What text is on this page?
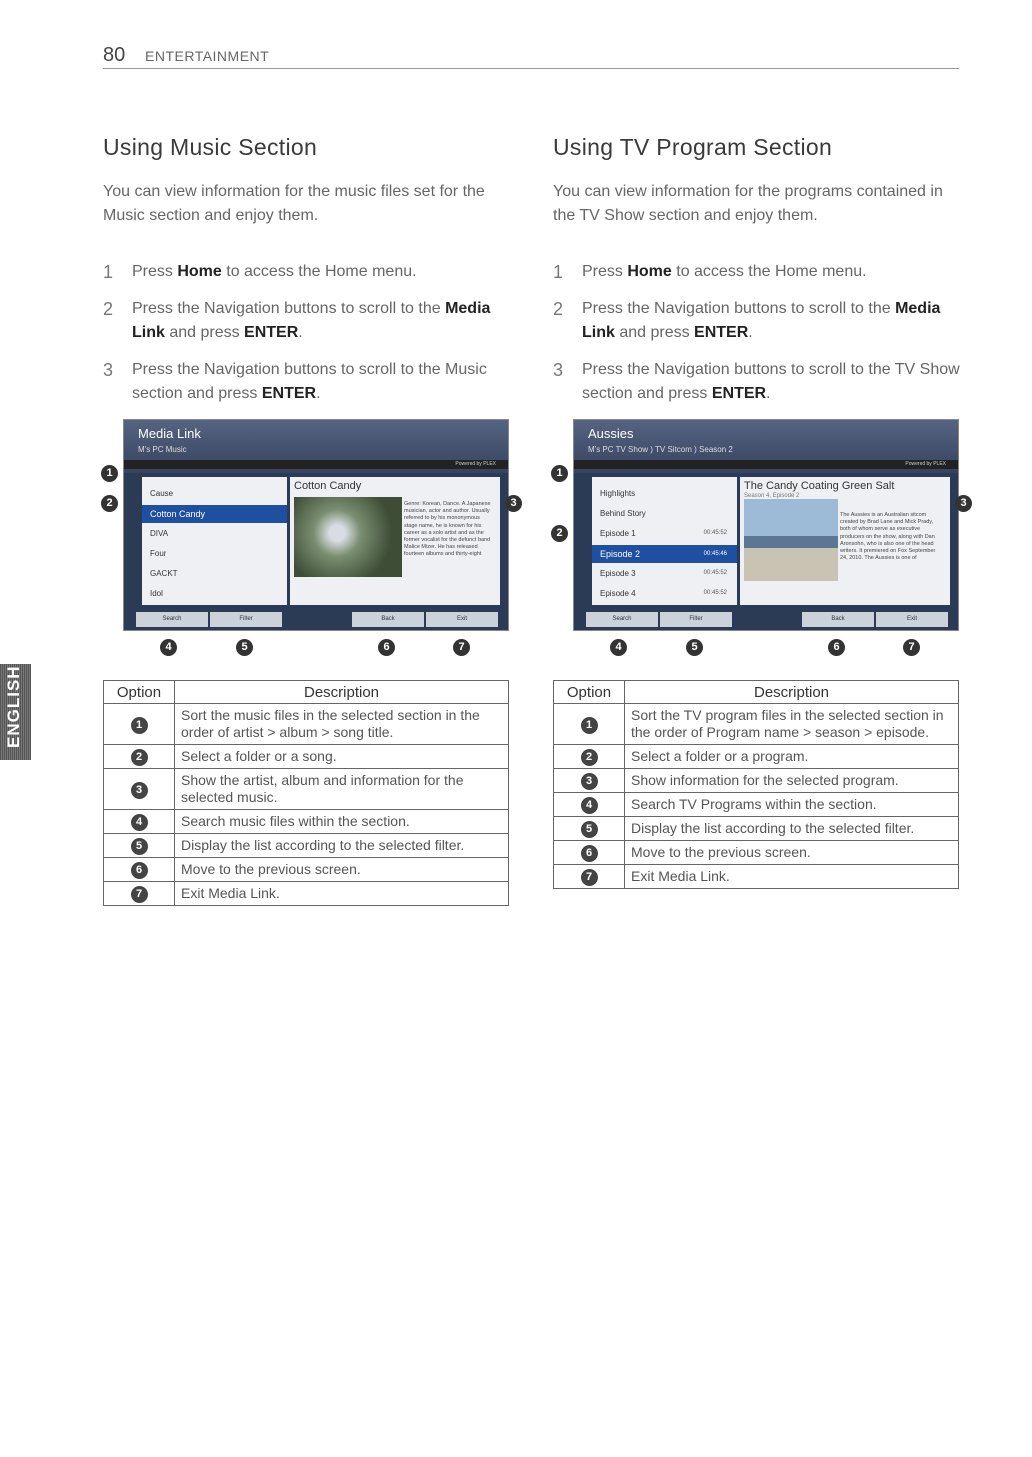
80 ENTERTAINMENT
ENGLISH
Using Music Section

You can view information for the music files set for the Music section and enjoy them.

1 Press Home to access the Home menu.
2 Press the Navigation buttons to scroll to the Media Link and press ENTER.
3 Press the Navigation buttons to scroll to the Music section and press ENTER.
Media Link
M's PC Music
Powered by PLEX
Cause
Cotton Candy
DIVA
Four
GACKT
Idol
Cotton Candy
Genre: Korean, Dance. A Japanese musician, actor and author. Usually referred to by his mononymous stage name, he is known for his career as a solo artist and as the former vocalist for the defunct band Malice Mizer. He has released fourteen albums and thirty-eight
Search	Filter	Back	Exit
1
2	3
4	5	6	7
Option	Description
1	Sort the music files in the selected section in the order of artist > album > song title.
2	Select a folder or a song.
3	Show the artist, album and information for the selected music.
4	Search music files within the section.
5	Display the list according to the selected filter.
6	Move to the previous screen.
7	Exit Media Link.
Using TV Program Section

You can view information for the programs contained in the TV Show section and enjoy them.

1 Press Home to access the Home menu.
2 Press the Navigation buttons to scroll to the Media Link and press ENTER.
3 Press the Navigation buttons to scroll to the TV Show section and press ENTER.
Aussies
M's PC TV Show ) TV Sitcom ) Season 2
Powered by PLEX
Highlights
Behind Story
Episode 1	00:45:52
Episode 2	00:45:46
Episode 3	00:45:52
Episode 4	00:45:52
The Candy Coating Green Salt
Season 4, Episode 2
The Aussies is an Australian sitcom created by Brad Lane and Mick Prady, both of whom serve as executive producers on the show, along with Dan Aronsohn, who is also one of the head writers. It premiered on Fox September 24, 2010. The Aussies is one of
Search	Filter	Back	Exit
1
2
3
4	5	6	7
Option	Description
1	Sort the TV program files in the selected section in the order of Program name > season > episode.
2	Select a folder or a program.
3	Show information for the selected program.
4	Search TV Programs within the section.
5	Display the list according to the selected filter.
6	Move to the previous screen.
7	Exit Media Link.
